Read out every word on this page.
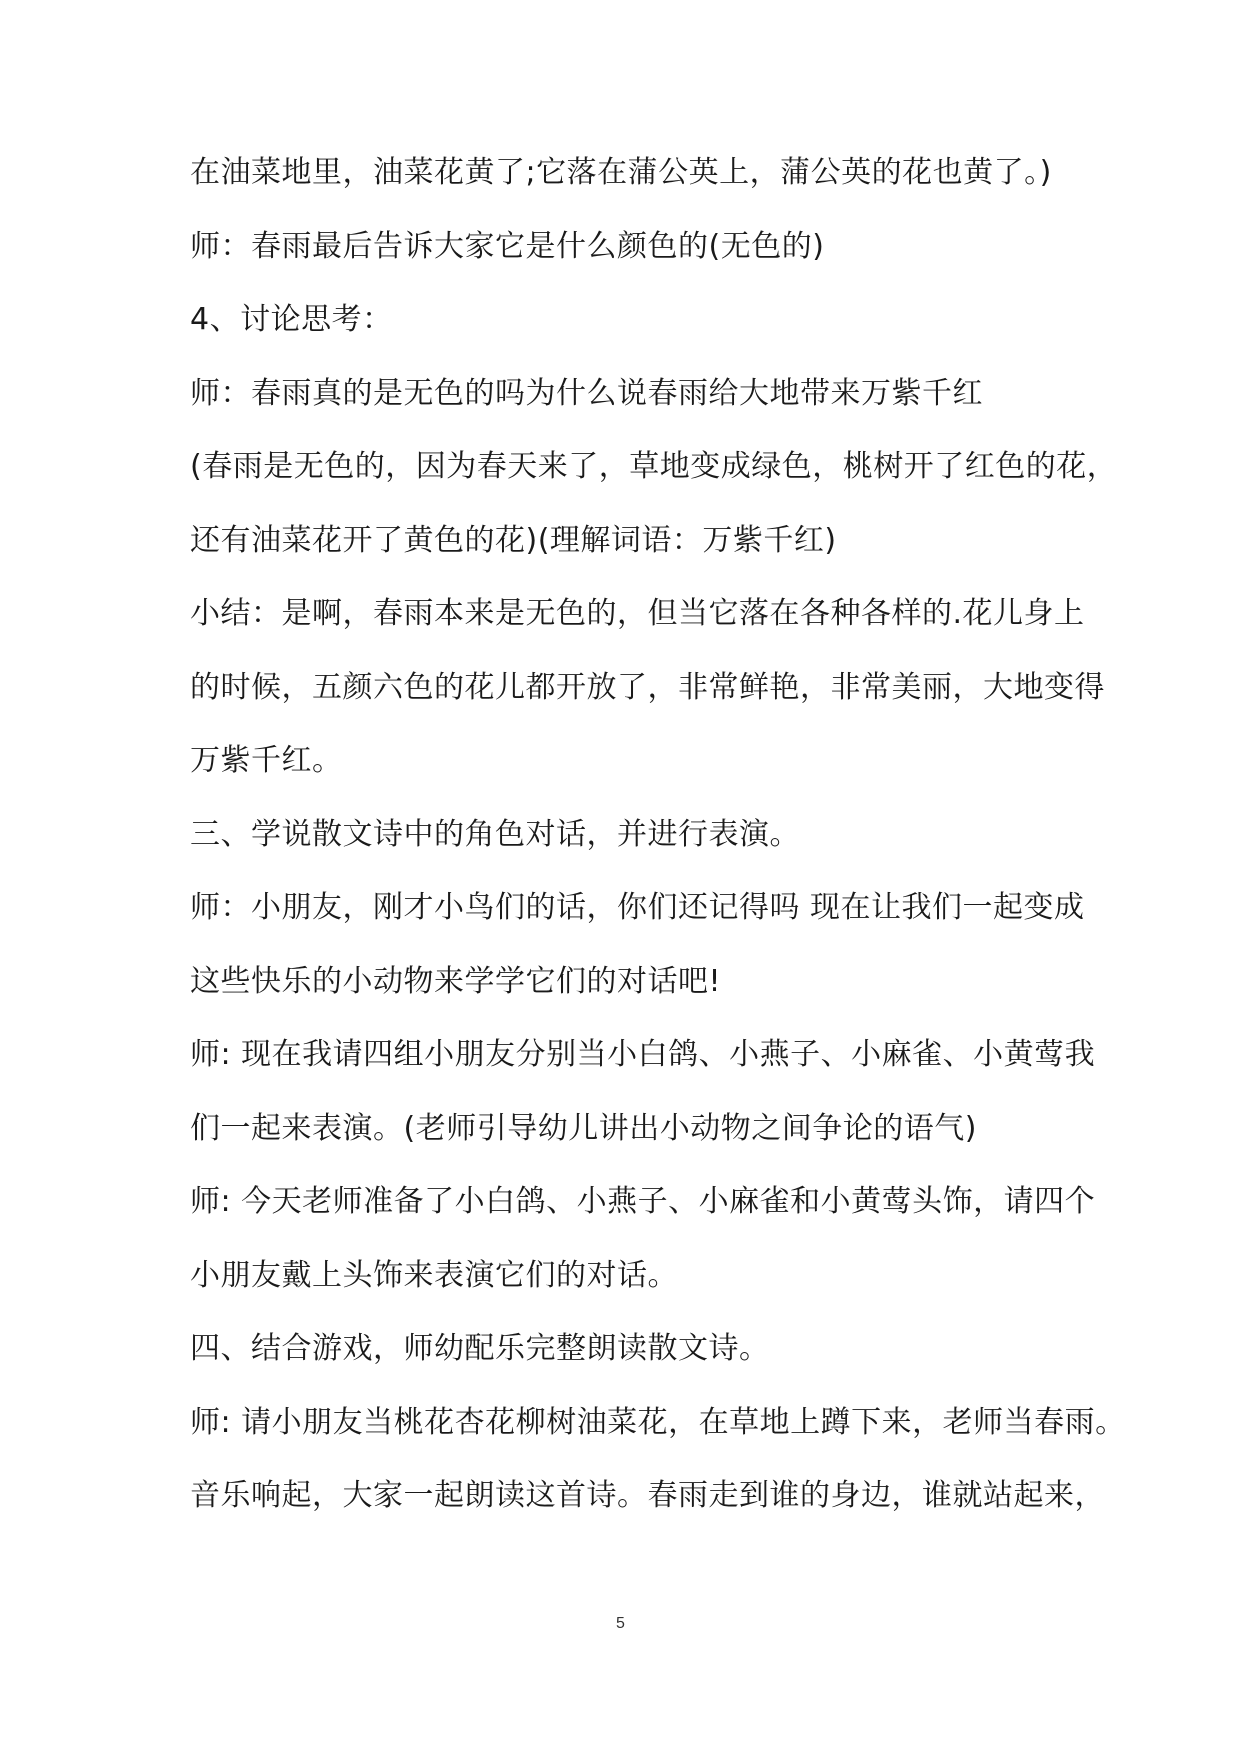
在油菜地里，油菜花黄了;它落在蒲公英上，蒲公英的花也黄了。)
师：春雨最后告诉大家它是什么颜色的(无色的)
4、讨论思考：
师：春雨真的是无色的吗为什么说春雨给大地带来万紫千红
(春雨是无色的，因为春天来了，草地变成绿色，桃树开了红色的花，
还有油菜花开了黄色的花)(理解词语：万紫千红)
小结：是啊，春雨本来是无色的，但当它落在各种各样的.花儿身上
的时候，五颜六色的花儿都开放了，非常鲜艳，非常美丽，大地变得
万紫千红。
三、学说散文诗中的角色对话，并进行表演。
师：小朋友，刚才小鸟们的话，你们还记得吗 现在让我们一起变成
这些快乐的小动物来学学它们的对话吧!
师: 现在我请四组小朋友分别当小白鸽、小燕子、小麻雀、小黄莺我
们一起来表演。(老师引导幼儿讲出小动物之间争论的语气)
师: 今天老师准备了小白鸽、小燕子、小麻雀和小黄莺头饰，请四个
小朋友戴上头饰来表演它们的对话。
四、结合游戏，师幼配乐完整朗读散文诗。
师: 请小朋友当桃花杏花柳树油菜花，在草地上蹲下来，老师当春雨。
音乐响起，大家一起朗读这首诗。春雨走到谁的身边，谁就站起来，
5
